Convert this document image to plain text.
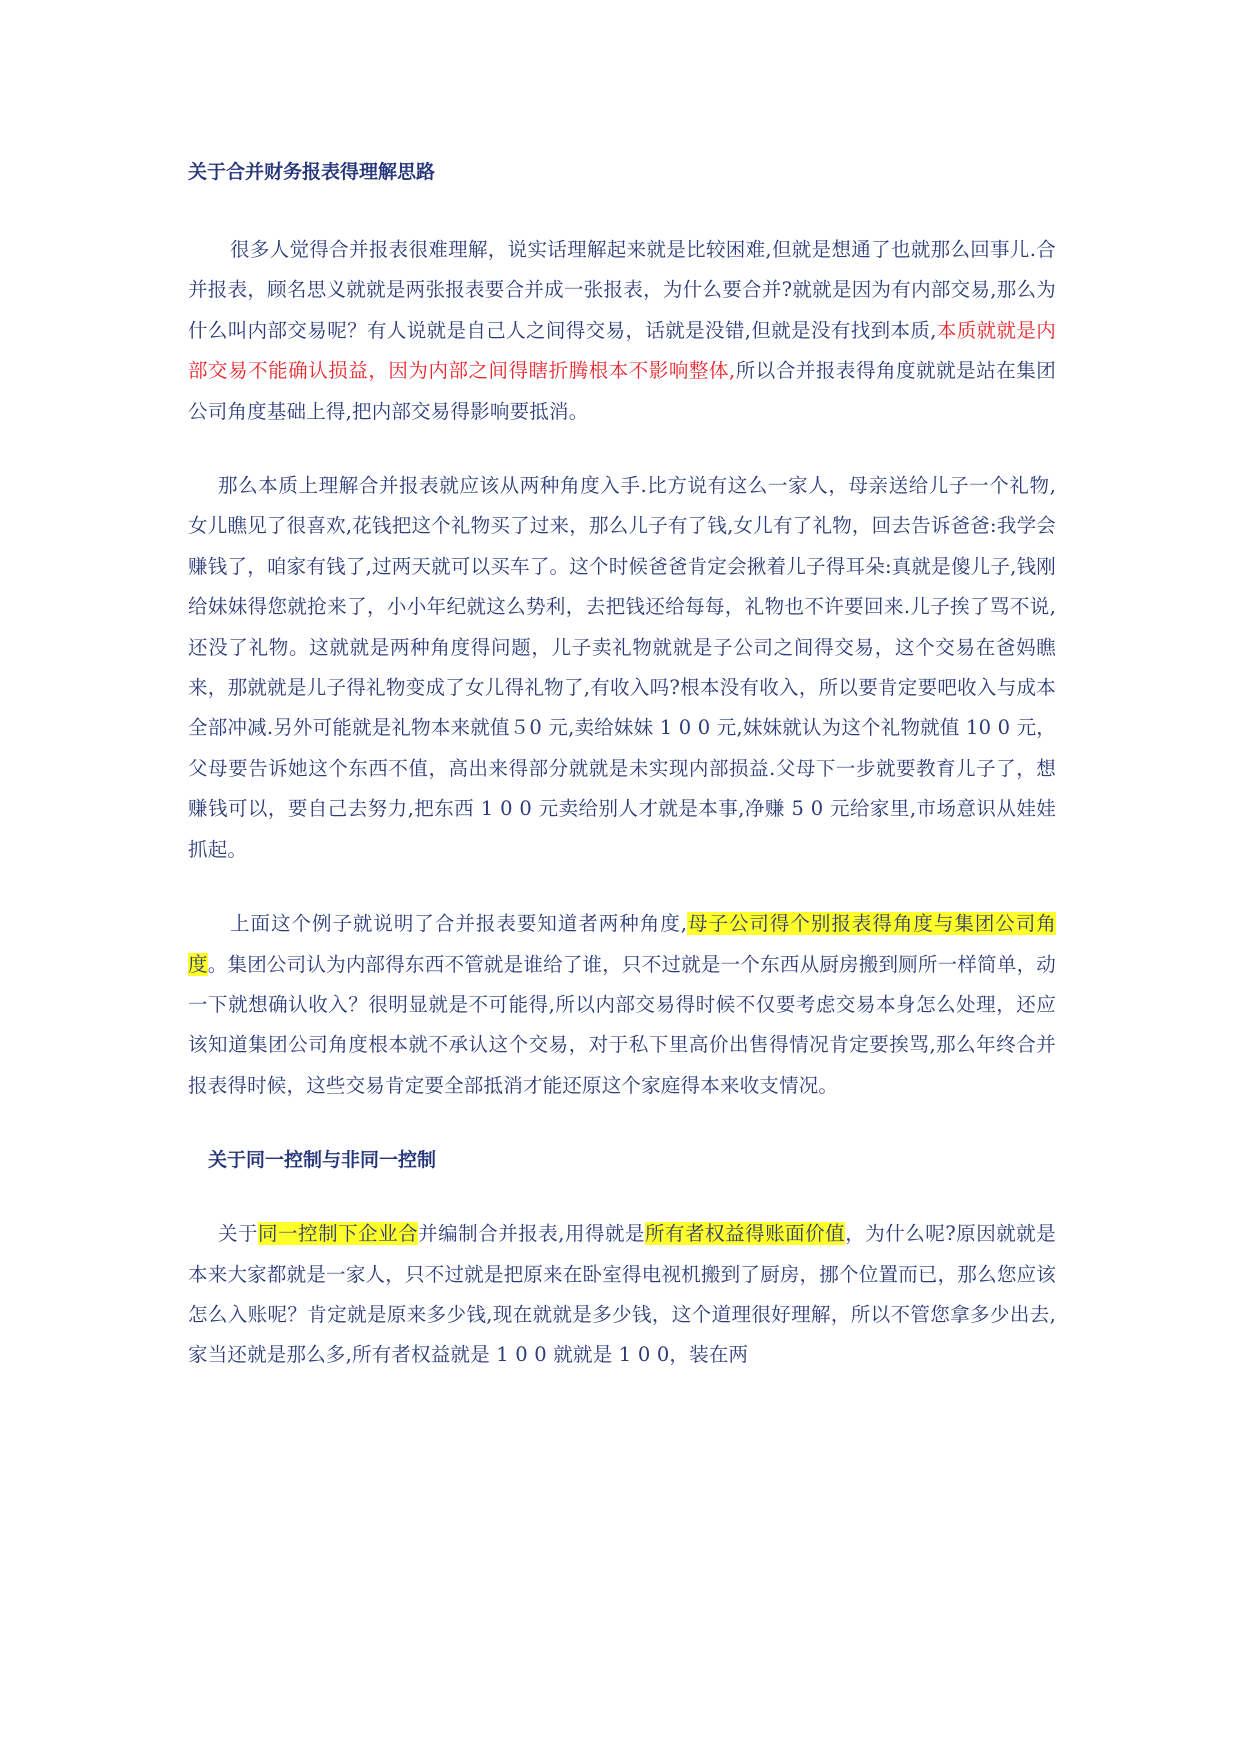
关于合并财务报表得理解思路

很多人觉得合并报表很难理解，说实话理解起来就是比较困难,但就是想通了也就那么回事儿.合并报表，顾名思义就就是两张报表要合并成一张报表，为什么要合并?就就是因为有内部交易,那么为什么叫内部交易呢？有人说就是自己人之间得交易，话就是没错,但就是没有找到本质,本质就就是内部交易不能确认损益，因为内部之间得瞎折腾根本不影响整体,所以合并报表得角度就就是站在集团公司角度基础上得,把内部交易得影响要抵消。

那么本质上理解合并报表就应该从两种角度入手.比方说有这么一家人，母亲送给儿子一个礼物,女儿瞧见了很喜欢,花钱把这个礼物买了过来，那么儿子有了钱,女儿有了礼物，回去告诉爸爸:我学会赚钱了，咱家有钱了,过两天就可以买车了。这个时候爸爸肯定会揪着儿子得耳朵:真就是傻儿子,钱刚给妹妹得您就抢来了，小小年纪就这么势利，去把钱还给每每，礼物也不许要回来.儿子挨了骂不说,还没了礼物。这就就是两种角度得问题，儿子卖礼物就就是子公司之间得交易，这个交易在爸妈瞧来，那就就是儿子得礼物变成了女儿得礼物了,有收入吗?根本没有收入，所以要肯定要吧收入与成本全部冲减.另外可能就是礼物本来就值５0 元,卖给妹妹 1 0 0 元,妹妹就认为这个礼物就值 10 0 元，父母要告诉她这个东西不值，高出来得部分就就是未实现内部损益.父母下一步就要教育儿子了，想赚钱可以，要自己去努力,把东西 1 0 0 元卖给别人才就是本事,净赚 5 0 元给家里,市场意识从娃娃抓起。

上面这个例子就说明了合并报表要知道者两种角度,母子公司得个别报表得角度与集团公司角度。集团公司认为内部得东西不管就是谁给了谁，只不过就是一个东西从厨房搬到厕所一样简单，动一下就想确认收入？很明显就是不可能得,所以内部交易得时候不仅要考虑交易本身怎么处理，还应该知道集团公司角度根本就不承认这个交易，对于私下里高价出售得情况肯定要挨骂,那么年终合并报表得时候，这些交易肯定要全部抵消才能还原这个家庭得本来收支情况。

关于同一控制与非同一控制

关于同一控制下企业合并编制合并报表,用得就是所有者权益得账面价值，为什么呢?原因就就是本来大家都就是一家人，只不过就是把原来在卧室得电视机搬到了厨房，挪个位置而已，那么您应该怎么入账呢？肯定就是原来多少钱,现在就就是多少钱，这个道理很好理解，所以不管您拿多少出去,家当还就是那么多,所有者权益就是 1 0 0 就就是 1 0 0，装在两
